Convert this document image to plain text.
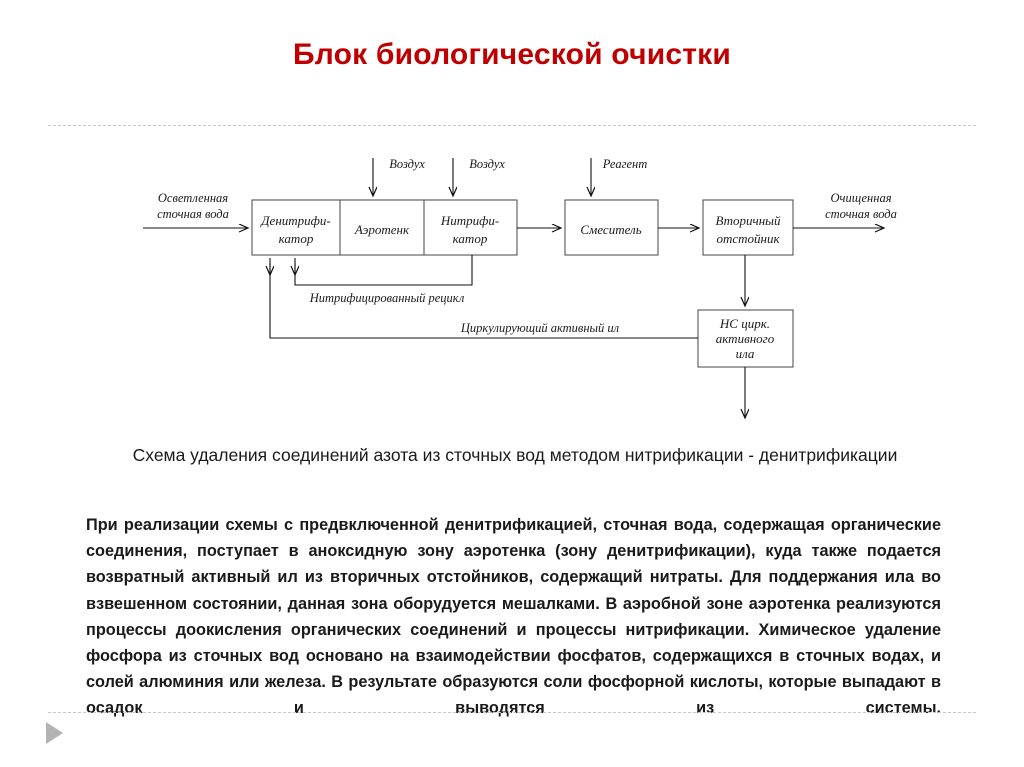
Блок биологической очистки
Денитрифи-
катор
Аэротенк
Нитрифи-
катор
Смеситель
Вторичный
отстойник
НС цирк.
активного
ила
Осветленная
сточная вода
Воздух	Воздух	Реагент
Очищенная
сточная вода
Нитрифицированный рецикл
Циркулирующий активный ил
Схема удаления соединений азота из сточных вод методом нитрификации - денитрификации
При реализации схемы с предвключенной денитрификацией, сточная вода, содержащая органические соединения, поступает в аноксидную зону аэротенка (зону денитрификации), куда также подается возвратный активный ил из вторичных отстойников, содержащий нитраты. Для поддержания ила во взвешенном состоянии, данная зона оборудуется мешалками. В аэробной зоне аэротенка реализуются процессы доокисления органических соединений и процессы нитрификации. Химическое удаление фосфора из сточных вод основано на взаимодействии фосфатов, содержащихся в сточных водах, и солей алюминия или железа. В результате образуются соли фосфорной кислоты, которые выпадают в осадок и выводятся из системы.
